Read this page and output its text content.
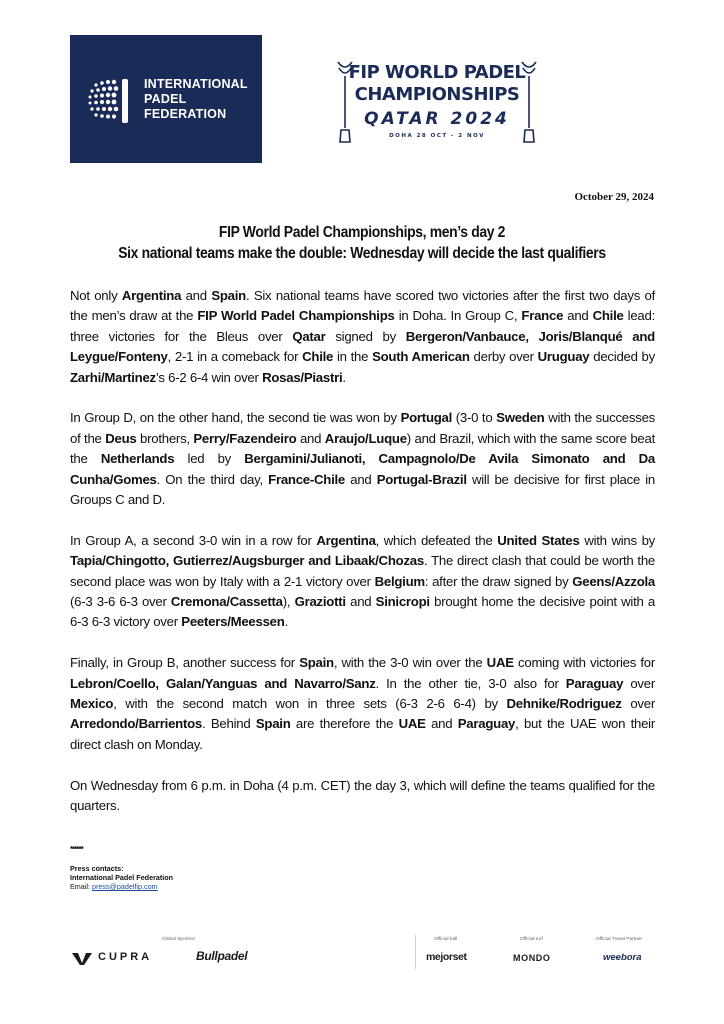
INTERNATIONAL
PADEL
FEDERATION
FIP WORLD PADEL
CHAMPIONSHIPS
QATAR 2024
DOHA 28 OCT - 2 NOV
October 29, 2024
FIP World Padel Championships, men’s day 2
Six national teams make the double: Wednesday will decide the last qualifiers

Not only Argentina and Spain. Six national teams have scored two victories after the first two days of the men’s draw at the FIP World Padel Championships in Doha. In Group C, France and Chile lead: three victories for the Bleus over Qatar signed by Bergeron/Vanbauce, Joris/Blanqué and Leygue/Fonteny, 2-1 in a comeback for Chile in the South American derby over Uruguay decided by Zarhi/Martinez’s 6-2 6-4 win over Rosas/Piastri.

In Group D, on the other hand, the second tie was won by Portugal (3-0 to Sweden with the successes of the Deus brothers, Perry/Fazendeiro and Araujo/Luque) and Brazil, which with the same score beat the Netherlands led by Bergamini/Julianoti, Campagnolo/De Avila Simonato and Da Cunha/Gomes. On the third day, France-Chile and Portugal-Brazil will be decisive for first place in Groups C and D.

In Group A, a second 3-0 win in a row for Argentina, which defeated the United States with wins by Tapia/Chingotto, Gutierrez/Augsburger and Libaak/Chozas. The direct clash that could be worth the second place was won by Italy with a 2-1 victory over Belgium: after the draw signed by Geens/Azzola (6-3 3-6 6-3 over Cremona/Cassetta), Graziotti and Sinicropi brought home the decisive point with a 6-3 6-3 victory over Peeters/Meessen.

Finally, in Group B, another success for Spain, with the 3-0 win over the UAE coming with victories for Lebron/Coello, Galan/Yanguas and Navarro/Sanz. In the other tie, 3-0 also for Paraguay over Mexico, with the second match won in three sets (6-3 2-6 6-4) by Dehnike/Rodriguez over Arredondo/Barrientos. Behind Spain are therefore the UAE and Paraguay, but the UAE won their direct clash on Monday.

On Wednesday from 6 p.m. in Doha (4 p.m. CET) the day 3, which will define the teams qualified for the quarters.

******
Press contacts:
International Padel Federation
Email: press@padelfip.com
Global Sponsor	Official ball	Official turf	Official Travel Partner
CUPRA	Bullpadel	mejorset	MONDO	weebora
